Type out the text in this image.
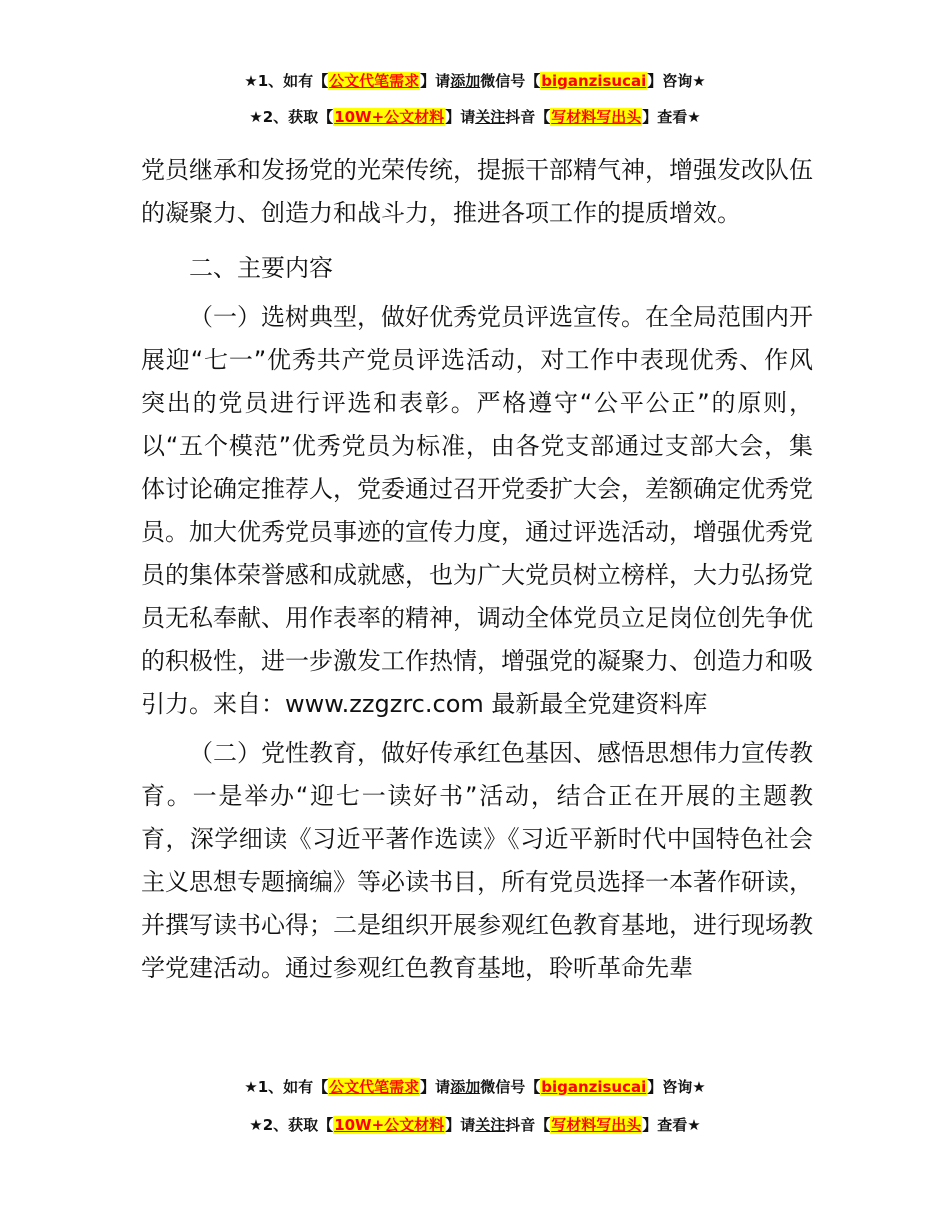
★1、如有【公文代笔需求】请添加微信号【biganzisucai】咨询★
★2、获取【10W+公文材料】请关注抖音【写材料写出头】查看★

党员继承和发扬党的光荣传统，提振干部精气神，增强发改队伍的凝聚力、创造力和战斗力，推进各项工作的提质增效。

二、主要内容

（一）选树典型，做好优秀党员评选宣传。在全局范围内开展迎“七一”优秀共产党员评选活动，对工作中表现优秀、作风突出的党员进行评选和表彰。严格遵守“公平公正”的原则，以“五个模范”优秀党员为标准，由各党支部通过支部大会，集体讨论确定推荐人，党委通过召开党委扩大会，差额确定优秀党员。加大优秀党员事迹的宣传力度，通过评选活动，增强优秀党员的集体荣誉感和成就感，也为广大党员树立榜样，大力弘扬党员无私奉献、用作表率的精神，调动全体党员立足岗位创先争优的积极性，进一步激发工作热情，增强党的凝聚力、创造力和吸引力。来自：www.zzgzrc.com 最新最全党建资料库

（二）党性教育，做好传承红色基因、感悟思想伟力宣传教育。一是举办“迎七一读好书”活动，结合正在开展的主题教育，深学细读《习近平著作选读》《习近平新时代中国特色社会主义思想专题摘编》等必读书目，所有党员选择一本著作研读，并撰写读书心得；二是组织开展参观红色教育基地，进行现场教学党建活动。通过参观红色教育基地，聆听革命先辈

★1、如有【公文代笔需求】请添加微信号【biganzisucai】咨询★
★2、获取【10W+公文材料】请关注抖音【写材料写出头】查看★
